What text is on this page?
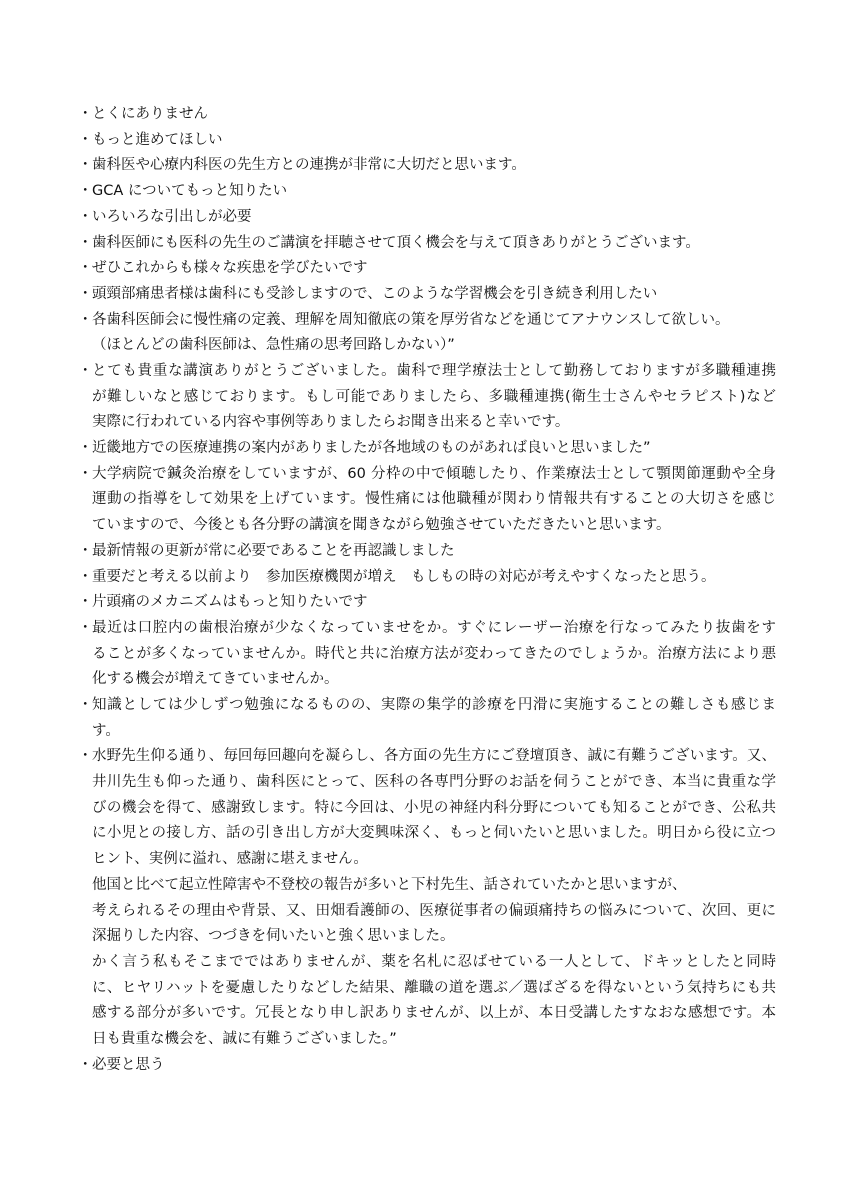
・ とくにありません
・ もっと進めてほしい
・ 歯科医や心療内科医の先生方との連携が非常に大切だと思います。
・ GCA についてもっと知りたい
・ いろいろな引出しが必要
・ 歯科医師にも医科の先生のご講演を拝聴させて頂く機会を与えて頂きありがとうございます。
・ ぜひこれからも様々な疾患を学びたいです
・ 頭頸部痛患者様は歯科にも受診しますので、このような学習機会を引き続き利用したい
・ 各歯科医師会に慢性痛の定義、理解を周知徹底の策を厚労省などを通じてアナウンスして欲しい。
（ほとんどの歯科医師は、急性痛の思考回路しかない）”
・ とても貴重な講演ありがとうございました。歯科で理学療法士として勤務しておりますが多職種連携
が難しいなと感じております。もし可能でありましたら、多職種連携(衛生士さんやセラピスト)など
実際に行われている内容や事例等ありましたらお聞き出来ると幸いです。
・ 近畿地方での医療連携の案内がありましたが各地域のものがあれば良いと思いました”
・ 大学病院で鍼灸治療をしていますが、60 分枠の中で傾聴したり、作業療法士として顎関節運動や全身
運動の指導をして効果を上げています。慢性痛には他職種が関わり情報共有することの大切さを感じ
ていますので、今後とも各分野の講演を聞きながら勉強させていただきたいと思います。
・ 最新情報の更新が常に必要であることを再認識しました
・ 重要だと考える以前より　参加医療機関が増え　もしもの時の対応が考えやすくなったと思う。
・ 片頭痛のメカニズムはもっと知りたいです
・ 最近は口腔内の歯根治療が少なくなっていませをか。すぐにレーザー治療を行なってみたり抜歯をす
ることが多くなっていませんか。時代と共に治療方法が変わってきたのでしょうか。治療方法により悪
化する機会が増えてきていませんか。
・ 知識としては少しずつ勉強になるものの、実際の集学的診療を円滑に実施することの難しさも感じま
す。
・ 水野先生仰る通り、毎回毎回趣向を凝らし、各方面の先生方にご登壇頂き、誠に有難うございます。又、
井川先生も仰った通り、歯科医にとって、医科の各専門分野のお話を伺うことができ、本当に貴重な学
びの機会を得て、感謝致します。特に今回は、小児の神経内科分野についても知ることができ、公私共
に小児との接し方、話の引き出し方が大変興味深く、もっと伺いたいと思いました。明日から役に立つ
ヒント、実例に溢れ、感謝に堪えません。
他国と比べて起立性障害や不登校の報告が多いと下村先生、話されていたかと思いますが、
考えられるその理由や背景、又、田畑看護師の、医療従事者の偏頭痛持ちの悩みについて、次回、更に
深掘りした内容、つづきを伺いたいと強く思いました。
かく言う私もそこまでではありませんが、薬を名札に忍ばせている一人として、ドキッとしたと同時
に、ヒヤリハットを憂慮したりなどした結果、離職の道を選ぶ／選ばざるを得ないという気持ちにも共
感する部分が多いです。冗長となり申し訳ありませんが、以上が、本日受講したすなおな感想です。本
日も貴重な機会を、誠に有難うございました。”
・ 必要と思う
